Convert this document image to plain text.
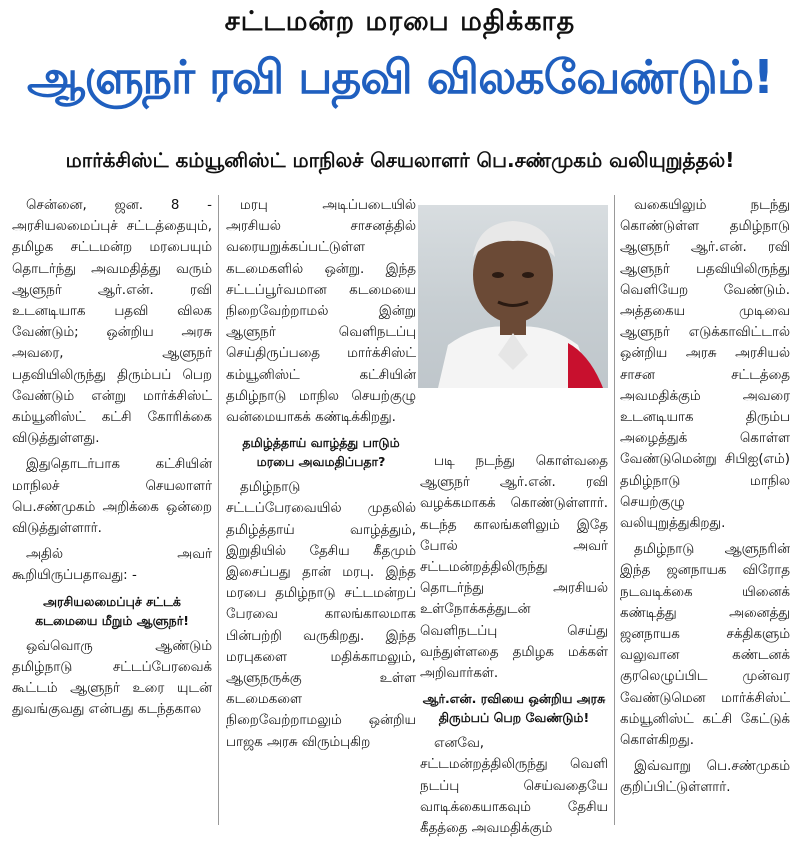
சட்டமன்ற மரபை மதிக்காத
ஆளுநர் ரவி பதவி விலகவேண்டும்!
மார்க்சிஸ்ட் கம்யூனிஸ்ட் மாநிலச் செயலாளர் பெ.சண்முகம் வலியுறுத்தல்!

சென்னை, ஜன. 8 - அரசியலமைப்புச் சட்டத்தையும், தமிழக சட்டமன்ற மரபையும் தொடர்ந்து அவமதித்து வரும் ஆளுநர் ஆர்.என். ரவி உடனடியாக பதவி விலக வேண்டும்; ஒன்றிய அரசு அவரை, ஆளுநர் பதவியிலிருந்து திரும்பப் பெற வேண்டும் என்று மார்க்சிஸ்ட் கம்யூனிஸ்ட் கட்சி கோரிக்கை விடுத்துள்ளது.

இதுதொடர்பாக கட்சியின் மாநிலச் செயலாளர் பெ.சண்முகம் அறிக்கை ஒன்றை விடுத்துள்ளார்.

அதில் அவர் கூறியிருப்பதாவது: -

அரசியலமைப்புச் சட்டக் கடமையை மீறும் ஆளுநர்!

ஒவ்வொரு ஆண்டும் தமிழ்நாடு சட்டப்பேரவைக் கூட்டம் ஆளுநர் உரை யுடன் துவங்குவது என்பது கடந்தகால

மரபு அடிப்படையில் அரசியல் சாசனத்தில் வரையறுக்கப்பட்டுள்ள கடமைகளில் ஒன்று. இந்த சட்டப்பூர்வமான கடமையை நிறைவேற்றாமல் இன்று ஆளுநர் வெளிநடப்பு செய்திருப்பதை மார்க்சிஸ்ட் கம்யூனிஸ்ட் கட்சியின் தமிழ்நாடு மாநில செயற்குழு வன்மையாகக் கண்டிக்கிறது.

தமிழ்த்தாய் வாழ்த்து பாடும் மரபை அவமதிப்பதா?

தமிழ்நாடு சட்டப்பேரவையில் முதலில் தமிழ்த்தாய் வாழ்த்தும், இறுதியில் தேசிய கீதமும் இசைப்பது தான் மரபு. இந்த மரபை தமிழ்நாடு சட்டமன்றப் பேரவை காலங்காலமாக பின்பற்றி வருகிறது. இந்த மரபுகளை மதிக்காமலும், ஆளுநருக்கு உள்ள கடமைகளை நிறைவேற்றாமலும் ஒன்றிய பாஜக அரசு விரும்புகிற

படி நடந்து கொள்வதை ஆளுநர் ஆர்.என். ரவி வழக்கமாகக் கொண்டுள்ளார். கடந்த காலங்களிலும் இதே போல் அவர் சட்டமன்றத்திலிருந்து தொடர்ந்து அரசியல் உள்நோக்கத்துடன் வெளிநடப்பு செய்து வந்துள்ளதை தமிழக மக்கள் அறிவார்கள்.

ஆர்.என். ரவியை ஒன்றிய அரசு திரும்பப் பெற வேண்டும்!

எனவே, சட்டமன்றத்திலிருந்து வெளி நடப்பு செய்வதையே வாடிக்கையாகவும் தேசிய கீதத்தை அவமதிக்கும்

வகையிலும் நடந்து கொண்டுள்ள தமிழ்நாடு ஆளுநர் ஆர்.என். ரவி ஆளுநர் பதவியிலிருந்து வெளியேற வேண்டும். அத்தகைய முடிவை ஆளுநர் எடுக்காவிட்டால் ஒன்றிய அரசு அரசியல் சாசன சட்டத்தை அவமதிக்கும் அவரை உடனடியாக திரும்ப அழைத்துக் கொள்ள வேண்டுமென்று சிபிஐ(எம்) தமிழ்நாடு மாநில செயற்குழு வலியுறுத்துகிறது.

தமிழ்நாடு ஆளுநரின் இந்த ஜனநாயக விரோத நடவடிக்கை யினைக் கண்டித்து அனைத்து ஜனநாயக சக்திகளும் வலுவான கண்டனக் குரலெழுப்பிட முன்வர வேண்டுமென மார்க்சிஸ்ட் கம்யூனிஸ்ட் கட்சி கேட்டுக் கொள்கிறது.

இவ்வாறு பெ.சண்முகம் குறிப்பிட்டுள்ளார்.
